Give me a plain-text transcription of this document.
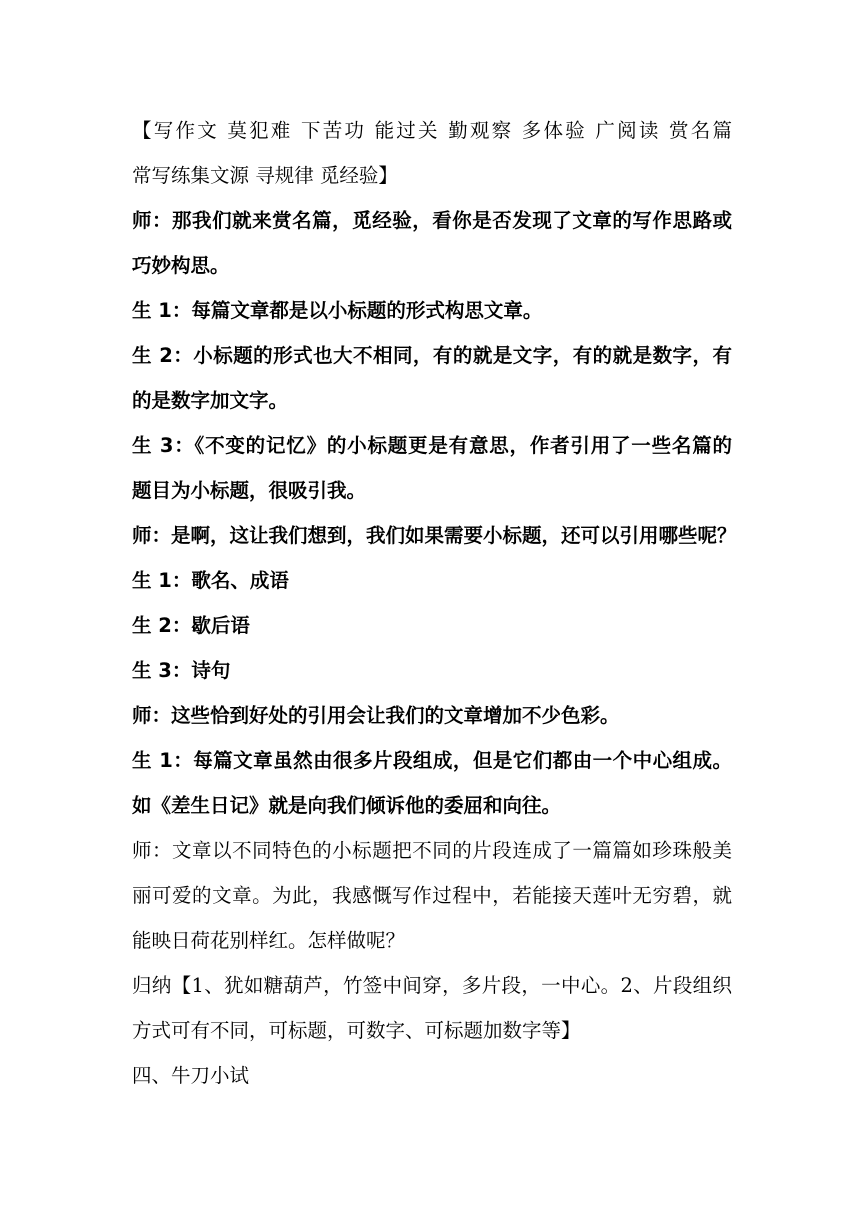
【写作文 莫犯难 下苦功 能过关 勤观察 多体验 广阅读 赏名篇
常写练集文源 寻规律 觅经验】
师：那我们就来赏名篇，觅经验，看你是否发现了文章的写作思路或
巧妙构思。
生 1：每篇文章都是以小标题的形式构思文章。
生 2：小标题的形式也大不相同，有的就是文字，有的就是数字，有
的是数字加文字。
生 3：《不变的记忆》的小标题更是有意思，作者引用了一些名篇的
题目为小标题，很吸引我。
师：是啊，这让我们想到，我们如果需要小标题，还可以引用哪些呢？
生 1：歌名、成语
生 2：歇后语
生 3：诗句
师：这些恰到好处的引用会让我们的文章增加不少色彩。
生 1：每篇文章虽然由很多片段组成，但是它们都由一个中心组成。
如《差生日记》就是向我们倾诉他的委屈和向往。
师：文章以不同特色的小标题把不同的片段连成了一篇篇如珍珠般美
丽可爱的文章。为此，我感慨写作过程中，若能接天莲叶无穷碧，就
能映日荷花别样红。怎样做呢？
归纳【1、犹如糖葫芦，竹签中间穿，多片段，一中心。2、片段组织
方式可有不同，可标题，可数字、可标题加数字等】
四、牛刀小试
